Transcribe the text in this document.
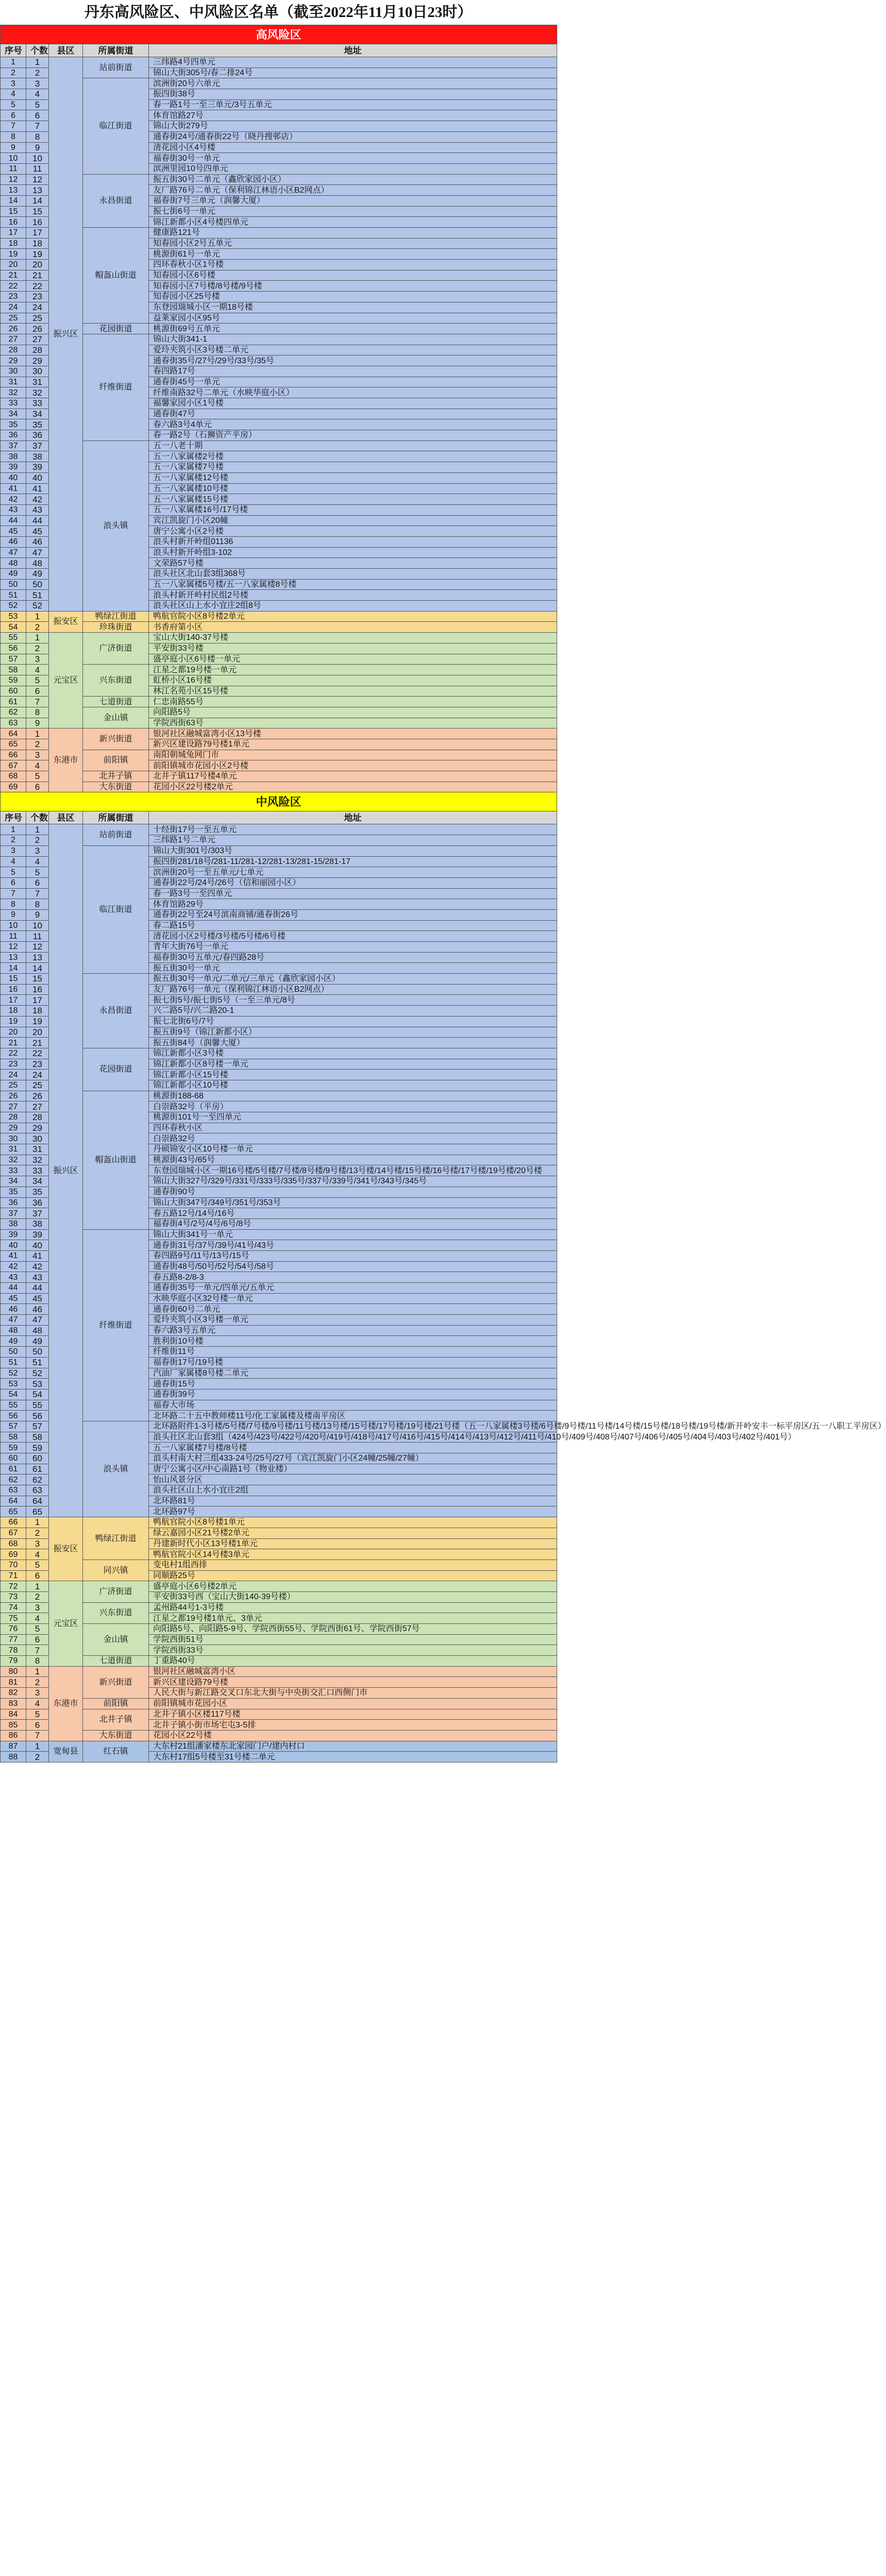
丹东高风险区、中风险区名单（截至2022年11月10日23时）
高风险区				
序号	个数	县区	所属街道	地址
1	1	振兴区	站前街道	三纬路4号四单元
2	2			锦山大街305号/春二排24号
3	3		临江街道	滨洲街20号六单元
4	4			振四街38号
5	5			春一路1号一至三单元/3号五单元
6	6			体育馆路27号
7	7			锦山大街279号
8	8			通春街24号/通春街22号（晓丹搜邨店）
9	9			清花园小区4号楼
10	10			福春街30号一单元
11	11			滨洲里园10号四单元
12	12		永昌街道	振五街30号二单元（鑫欣家园小区）
13	13			友厂路76号二单元（保利锦江林语小区B2网点）
14	14			福春街7号三单元（润馨大厦）
15	15			振七街6号一单元
16	16			锦江新都小区4号楼四单元
17	17		帽盔山街道	健康路121号
18	18			知春园小区2号五单元
19	19			桃源街61号一单元
20	20			四环春秋小区1号楼
21	21			知春园小区6号楼
22	22			知春园小区7号楼/8号楼/9号楼
23	23			知春园小区25号楼
24	24			东登园瑞城小区一期18号楼
25	25			益莱家园小区95号
26	26		花园街道	桃源街69号五单元
27	27		纤维街道	锦山大街341-1
28	28			爱玲夹筑小区3号楼二单元
29	29			通春街35号/27号/29号/33号/35号
30	30			春四路17号
31	31			通春街45号一单元
32	32			纤维南路32号二单元（水映华庭小区）
33	33			福馨家园小区1号楼
34	34			通春街47号
35	35			春六路3号4单元
36	36			春一路2号（石狮资产平房）
37	37		浪头镇	五一八老十期
38	38			五一八家属楼2号楼
39	39			五一八家属楼7号楼
40	40			五一八家属楼12号楼
41	41			五一八家属楼10号楼
42	42			五一八家属楼15号楼
43	43			五一八家属楼16号/17号楼
44	44			宾江凯旋门小区20幢
45	45			唐宁公寓小区2号楼
46	46			浪头村新开岭组01136
47	47			浪头村新开岭组3-102
48	48			文荣路57号楼
49	49			浪头社区北山套3组368号
50	50			五一八家属楼5号楼/五一八家属楼8号楼
51	51			浪头村新开岭村民组2号楼
52	52			浪头社区山上水小宜庄2组8号
53	1	振安区	鸭绿江街道	鸭航官院小区8号楼2单元
54	2		珍珠街道	书香府第小区
55	1	元宝区	广济街道	宝山大街140-37号楼
56	2			平安街33号楼
57	3			盛亭庭小区6号楼一单元
58	4		兴东街道	江星之都19号楼一单元
59	5			虹桥小区16号楼
60	6			林江名苑小区15号楼
61	7		七道街道	仁忠南路55号
62	8		金山镇	向阳路5号
63	9			学院西街63号
64	1	东港市	新兴街道	银河社区融城富湾小区13号楼
65	2			新兴区建设路79号楼1单元
66	3		前阳镇	南阳朝城兔网门市
67	4			前阳镇城市花园小区2号楼
68	5		北井子镇	北井子镇117号楼4单元
69	6		大东街道	花园小区22号楼2单元
中风险区				
序号	个数	县区	所属街道	地址
1	1	振兴区	站前街道	十经街17号一至五单元
2	2			三纬路1号二单元
3	3		临江街道	锦山大街301号/303号
4	4			振四街281/18号/281-11/281-12/281-13/281-15/281-17
5	5			滨洲街20号一至五单元/七单元
6	6			通春街22号/24号/26号（信和丽园小区）
7	7			春一路3号一至四单元
8	8			体育馆路29号
9	9			通春街22号至24号滨南商铺/通春街26号
10	10			春二路15号
11	11			清花园小区2号楼/3号楼/5号楼/6号楼
12	12			青年大街76号一单元
13	13			福春街30号五单元/春四路28号
14	14			振五街30号一单元
15	15		永昌街道	振五街30号一单元/二单元/三单元（鑫欣家园小区）
16	16			友厂路76号一单元（保利锦江林语小区B2网点）
17	17			振七街5号/振七街5号（一至三单元/8号
18	18			兴二路5号/兴二路20-1
19	19			振七北街6号/7号
20	20			振五街9号（锦江新都小区）
21	21			振五街84号（润馨大厦）
22	22		花园街道	锦江新都小区3号楼
23	23			锦江新都小区8号楼一单元
24	24			锦江新都小区15号楼
25	25			锦江新都小区10号楼
26	26		帽盔山街道	桃源街188-68
27	27			白崇路32号（平房）
28	28			桃源街101号一至四单元
29	29			四环春秋小区
30	30			白崇路32号
31	31			丹硕锦安小区10号楼一单元
32	32			桃源街43号/65号
33	33			东登园瑞城小区一期16号楼/5号楼/7号楼/8号楼/9号楼/13号楼/14号楼/15号楼/16号楼/17号楼/19号楼/20号楼
34	34			锦山大街327号/329号/331号/333号/335号/337号/339号/341号/343号/345号
35	35			通春街90号
36	36			锦山大街347号/349号/351号/353号
37	37			春五路12号/14号/16号
38	38			福春街4号/2号/4号/6号/8号
39	39		纤维街道	锦山大街341号一单元
40	40			通春街31号/37号/39号/41号/43号
41	41			春四路9号/11号/13号/15号
42	42			通春街48号/50号/52号/54号/58号
43	43			春五路8-2/8-3
44	44			通春街35号一单元/四单元/五单元
45	45			水映华庭小区32号楼一单元
46	46			通春街60号二单元
47	47			爱玲夹筑小区3号楼一单元
48	48			春六路3号五单元
49	49			胜利街10号楼
50	50			纤维街11号
51	51			福春街17号/19号楼
52	52			汽油厂家属楼8号楼二单元
53	53			通春街15号
54	54			通春街39号
55	55			福春大市场
56	56			北环路二十五中教师楼11号/化工家属楼及楼南平房区
57	57		浪头镇	北环路附件1-3号楼/5号楼/7号楼/9号楼/11号楼/13号楼/15号楼/17号楼/19号楼/21号楼（五一八家属楼3号楼/6号楼/9号楼/11号楼/14号楼/15号楼/18号楼/19号楼/新开岭安丰一标平房区/五一八职工平房区）
58	58			浪头社区北山套3组（424号/423号/422号/420号/419号/418号/417号/416号/415号/414号/413号/412号/411号/410号/409号/408号/407号/406号/405号/404号/403号/402号/401号）
59	59			五一八家属楼7号楼/8号楼
60	60			浪头村南大村三组433-24号/25号/27号（宾江凯旋门小区24幢/25幢/27幢）
61	61			唐宁公寓小区/中心南路1号（物业楼）
62	62			怡山风景分区
63	63			浪头社区山上水小宜庄2组
64	64			北环路81号
65	65			北环路97号
66	1	振安区	鸭绿江街道	鸭航官院小区8号楼1单元
67	2			绿云嘉园小区21号楼2单元
68	3			丹建新时代小区13号楼1单元
69	4			鸭航官院小区14号楼3单元
70	5		同兴镇	变电村1组西排
71	6			同顺路25号
72	1	元宝区	广济街道	盛亭庭小区6号楼2单元
73	2			平安街33号西（宝山大街140-39号楼）
74	3		兴东街道	孟州路44号1-3号楼
75	4			江星之都19号楼1单元、3单元
76	5		金山镇	向阳路5号、向阳路5-9号、学院西街55号、学院西街61号、学院西街57号
77	6			学院西街51号
78	7			学院西街33号
79	8		七道街道	丁重路40号
80	1	东港市	新兴街道	银河社区融城富湾小区
81	2			新兴区建设路79号楼
82	3			人民大街与新江路交叉口东北大街与中央街交汇口西侧门市
83	4		前阳镇	前阳镇城市花园小区
84	5		北井子镇	北井子镇小区楼117号楼
85	6			北井子镇小街市场宅屯3-5排
86	7		大东街道	花园小区22号楼
87	1	宽甸县	红石镇	大东村21组潘家楼东北家园门户/建内村口
88	2			大东村17组5号楼至31号楼二单元
